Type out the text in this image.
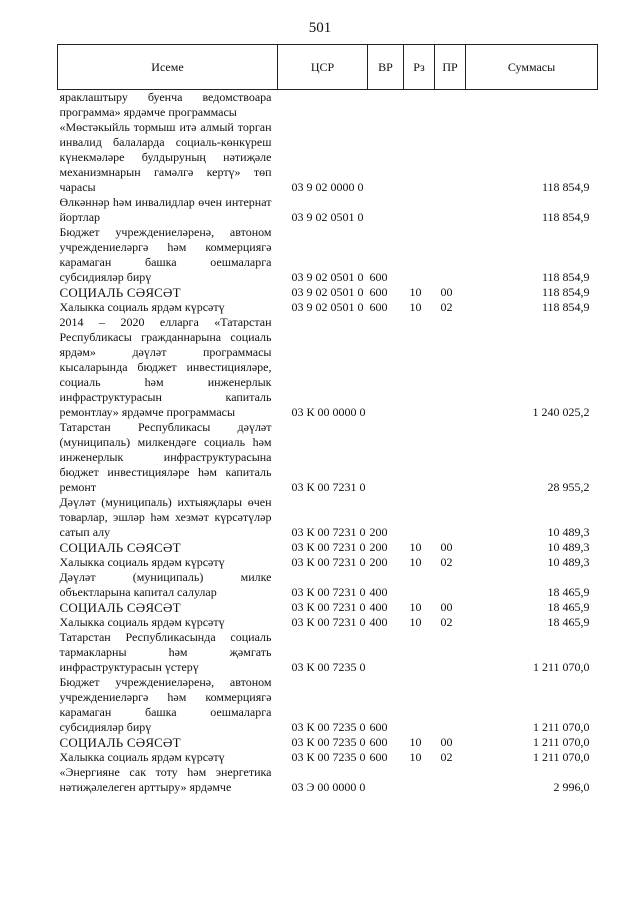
501
Исеме	ЦСР	ВР	Рз	ПР	Суммасы
яраклаштыру буенча ведомствоара программа» ярдәмче программасы					
«Мөстәкыйль тормыш итә алмый торган инвалид балаларда социаль-көнкүреш күнекмәләре булдыруның нәтиҗәле механизмнарын гамәлгә кертү» төп чарасы	03 9 02 0000 0				118 854,9
Өлкәннәр һәм инвалидлар өчен интернат йортлар	03 9 02 0501 0				118 854,9
Бюджет учреждениеләренә, автоном учреждениеләргә һәм коммерциягә карамаган башка оешмаларга субсидияләр бирү	03 9 02 0501 0	600			118 854,9
СОЦИАЛЬ СӘЯСӘТ	03 9 02 0501 0	600	10	00	118 854,9
Халыкка социаль ярдәм күрсәтү	03 9 02 0501 0	600	10	02	118 854,9
2014 – 2020 елларга «Татарстан Республикасы гражданнарына социаль ярдәм» дәүләт программасы кысаларында бюджет инвестицияләре, социаль һәм инженерлык инфраструктурасын капиталь ремонтлау» ярдәмче программасы	03 К 00 0000 0				1 240 025,2
Татарстан Республикасы дәүләт (муниципаль) милкендәге социаль һәм инженерлык инфраструктурасына бюджет инвестицияләре һәм капиталь ремонт	03 К 00 7231 0				28 955,2
Дәүләт (муниципаль) ихтыяҗлары өчен товарлар, эшләр һәм хезмәт күрсәтүләр сатып алу	03 К 00 7231 0	200			10 489,3
СОЦИАЛЬ СӘЯСӘТ	03 К 00 7231 0	200	10	00	10 489,3
Халыкка социаль ярдәм күрсәтү	03 К 00 7231 0	200	10	02	10 489,3
Дәүләт (муниципаль) милке объектларына капитал салулар	03 К 00 7231 0	400			18 465,9
СОЦИАЛЬ СӘЯСӘТ	03 К 00 7231 0	400	10	00	18 465,9
Халыкка социаль ярдәм күрсәтү	03 К 00 7231 0	400	10	02	18 465,9
Татарстан Республикасында социаль тармакларны һәм җәмгать инфраструктурасын үстерү	03 К 00 7235 0				1 211 070,0
Бюджет учреждениеләренә, автоном учреждениеләргә һәм коммерциягә карамаган башка оешмаларга субсидияләр бирү	03 К 00 7235 0	600			1 211 070,0
СОЦИАЛЬ СӘЯСӘТ	03 К 00 7235 0	600	10	00	1 211 070,0
Халыкка социаль ярдәм күрсәтү	03 К 00 7235 0	600	10	02	1 211 070,0
«Энергияне сак тоту һәм энергетика нәтиҗәлелеген арттыру» ярдәмче	03 Э 00 0000 0				2 996,0
